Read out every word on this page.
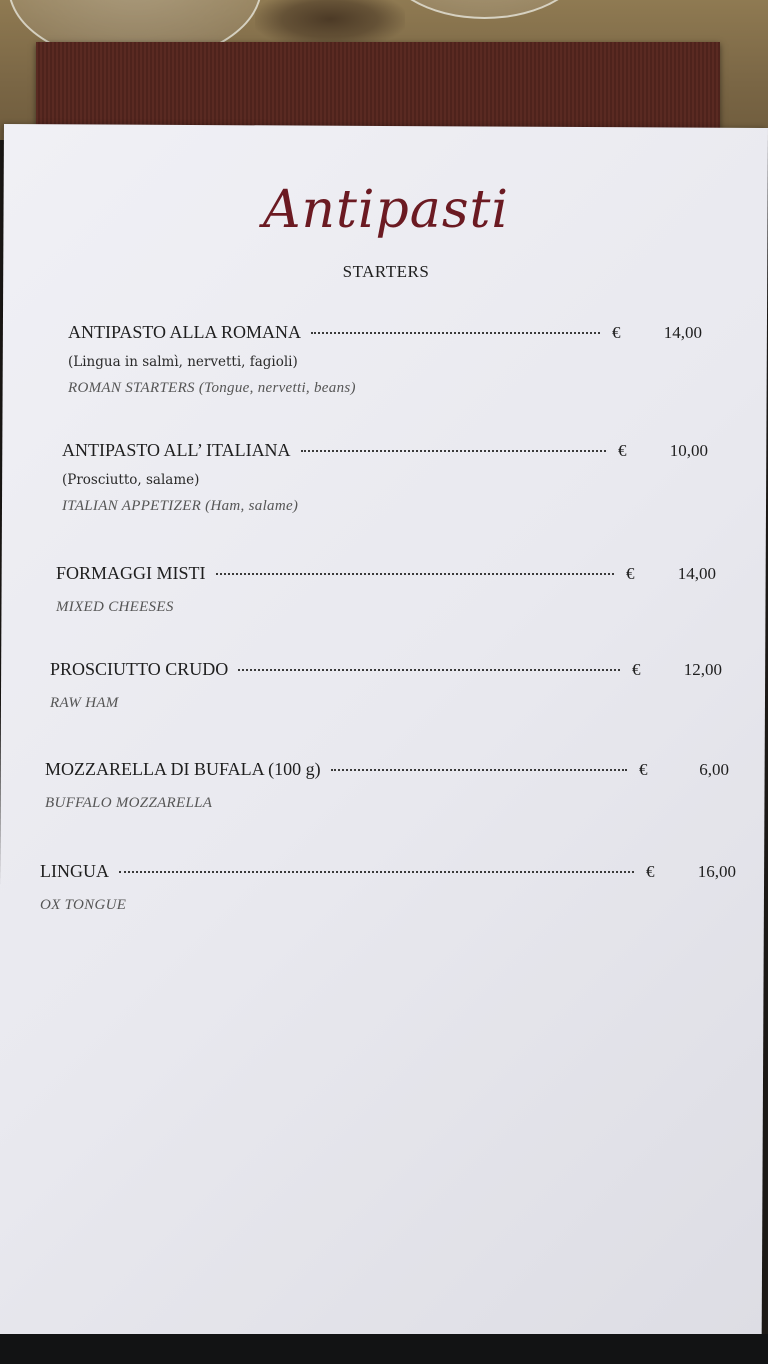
Antipasti
STARTERS
ANTIPASTO ALLA ROMANA	€	14,00
(Lingua in salmì, nervetti, fagioli)
ROMAN STARTERS (Tongue, nervetti, beans)
ANTIPASTO ALL’ ITALIANA	€	10,00
(Prosciutto, salame)
ITALIAN APPETIZER (Ham, salame)
FORMAGGI MISTI	€	14,00
MIXED CHEESES
PROSCIUTTO CRUDO	€	12,00
RAW HAM
MOZZARELLA DI BUFALA (100 g)	€	6,00
BUFFALO MOZZARELLA
LINGUA	€	16,00
OX TONGUE
